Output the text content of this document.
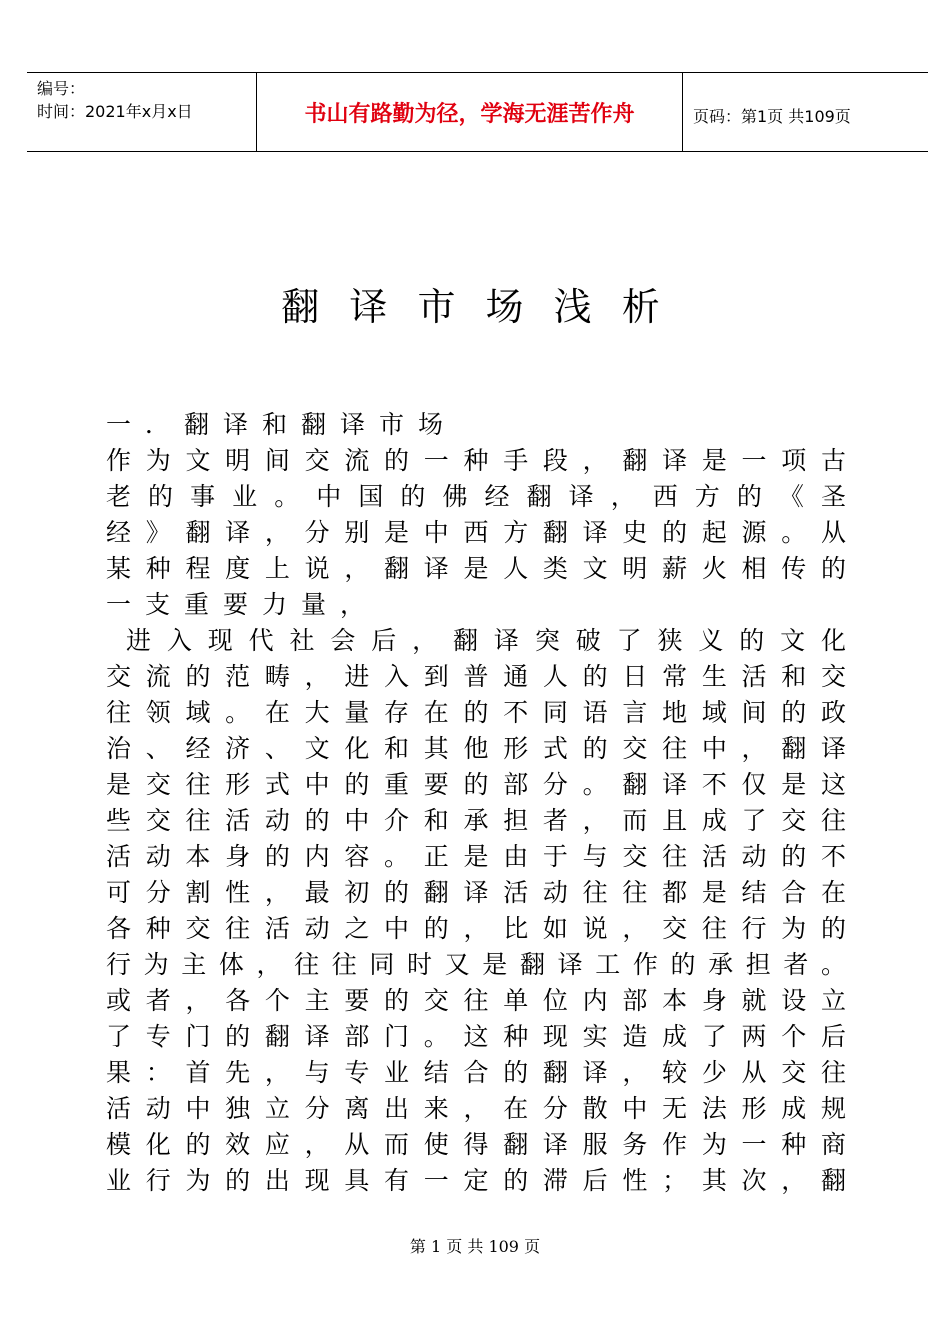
编号：
时间：2021年x月x日	书山有路勤为径，学海无涯苦作舟	页码：第1页 共109页
翻 译 市 场 浅 析
一．翻译和翻译市场
作为文明间交流的一种手段，翻译是一项古
老的事业。中国的佛经翻译，西方的《圣
经》翻译，分别是中西方翻译史的起源。从
某种程度上说，翻译是人类文明薪火相传的
一支重要力量，
进入现代社会后，翻译突破了狭义的文化
交流的范畴，进入到普通人的日常生活和交
往领域。在大量存在的不同语言地域间的政
治、经济、文化和其他形式的交往中，翻译
是交往形式中的重要的部分。翻译不仅是这
些交往活动的中介和承担者，而且成了交往
活动本身的内容。正是由于与交往活动的不
可分割性，最初的翻译活动往往都是结合在
各种交往活动之中的，比如说，交往行为的
行为主体，往往同时又是翻译工作的承担者。
或者，各个主要的交往单位内部本身就设立
了专门的翻译部门。这种现实造成了两个后
果：首先，与专业结合的翻译，较少从交往
活动中独立分离出来，在分散中无法形成规
模化的效应，从而使得翻译服务作为一种商
业行为的出现具有一定的滞后性；其次，翻
第 1 页 共 109 页
